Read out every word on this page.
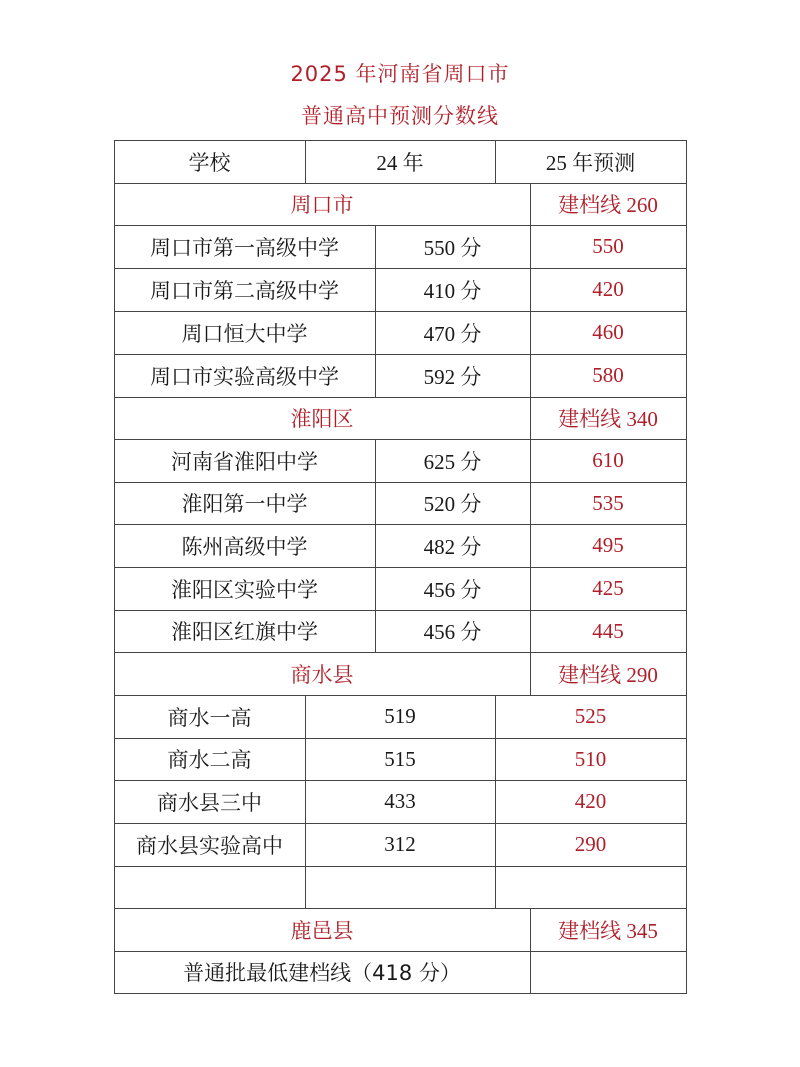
2025 年河南省周口市
普通高中预测分数线
学校	24 年	25 年预测
周口市	建档线 260
周口市第一高级中学	550 分	550
周口市第二高级中学	410 分	420
周口恒大中学	470 分	460
周口市实验高级中学	592 分	580
淮阳区	建档线 340
河南省淮阳中学	625 分	610
淮阳第一中学	520 分	535
陈州高级中学	482 分	495
淮阳区实验中学	456 分	425
淮阳区红旗中学	456 分	445
商水县	建档线 290
商水一高	519	525
商水二高	515	510
商水县三中	433	420
商水县实验高中	312	290
鹿邑县	建档线 345
普通批最低建档线（418 分）
